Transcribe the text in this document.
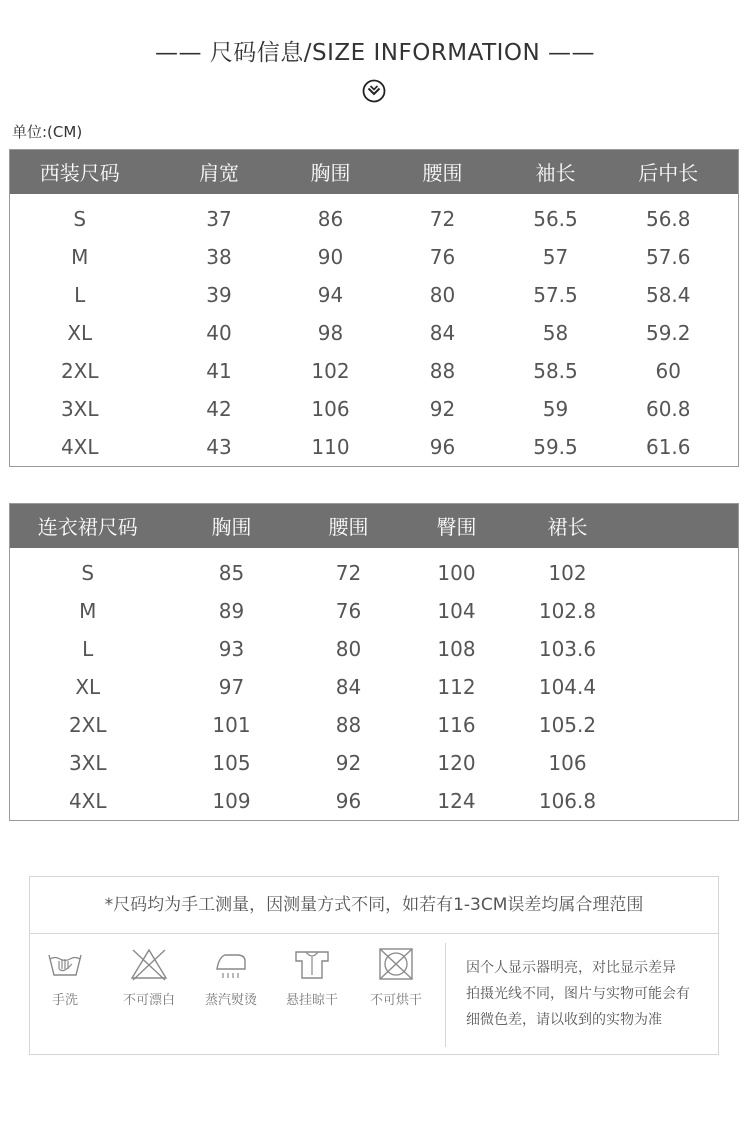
—— 尺码信息/SIZE INFORMATION ——
单位:(CM)
西装尺码	肩宽	胸围	腰围	袖长	后中长
S	37	86	72	56.5	56.8
M	38	90	76	57	57.6
L	39	94	80	57.5	58.4
XL	40	98	84	58	59.2
2XL	41	102	88	58.5	60
3XL	42	106	92	59	60.8
4XL	43	110	96	59.5	61.6
连衣裙尺码	胸围	腰围	臀围	裙长	
S	85	72	100	102	
M	89	76	104	102.8	
L	93	80	108	103.6	
XL	97	84	112	104.4	
2XL	101	88	116	105.2	
3XL	105	92	120	106	
4XL	109	96	124	106.8	
*尺码均为手工测量，因测量方式不同，如若有1-3CM误差均属合理范围
手洗	不可漂白	蒸汽熨烫	悬挂晾干	不可烘干
因个人显示器明亮，对比显示差异
拍摄光线不同，图片与实物可能会有
细微色差，请以收到的实物为准
